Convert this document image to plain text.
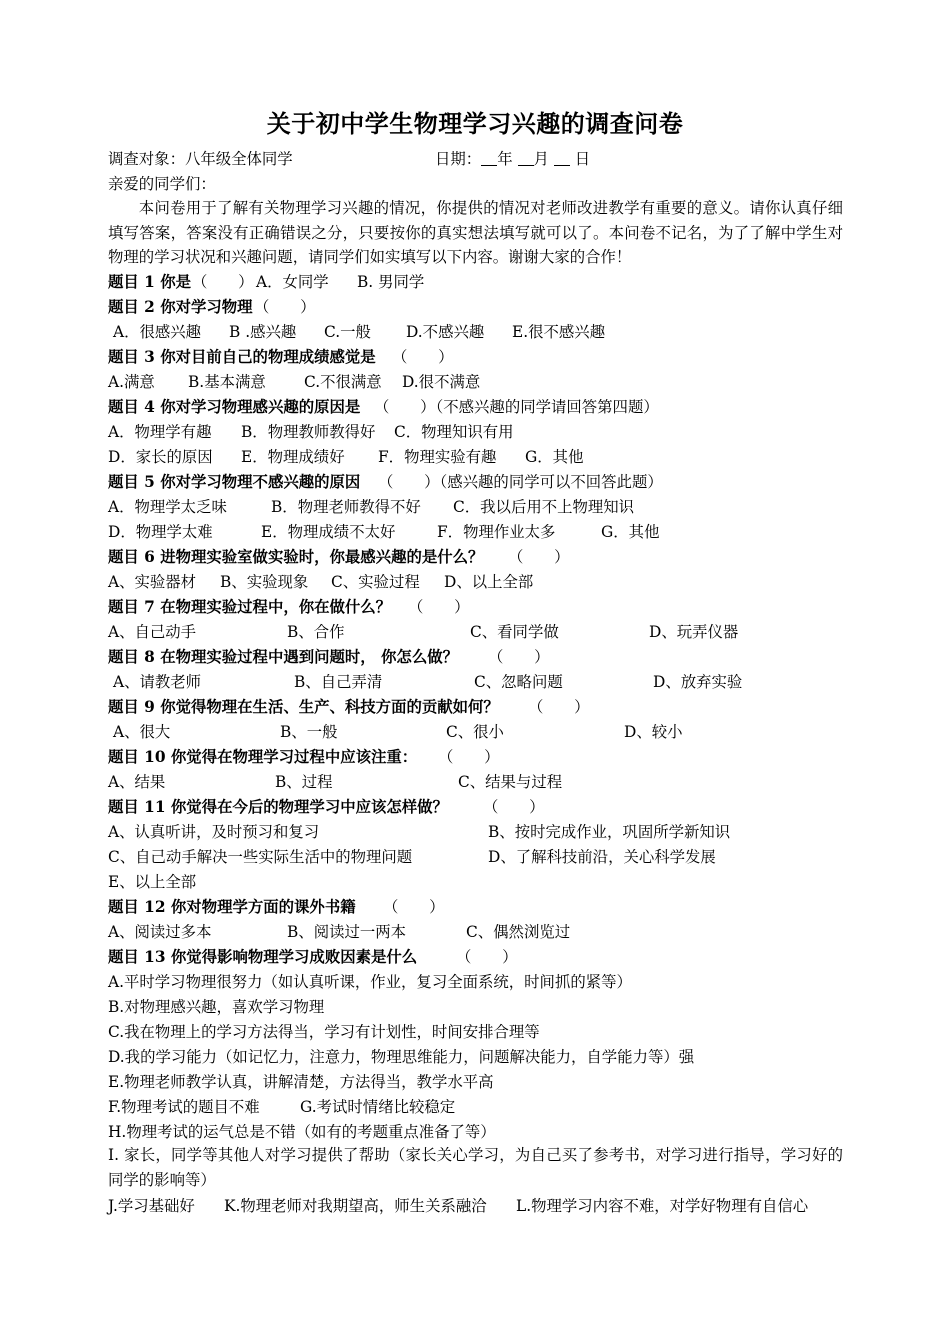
关于初中学生物理学习兴趣的调查问卷
调查对象：八年级全体同学	日期： 年 月 日
亲爱的同学们：
本问卷用于了解有关物理学习兴趣的情况，你提供的情况对老师改进教学有重要的意义。请你认真仔细填写答案，答案没有正确错误之分，只要按你的真实想法填写就可以了。本问卷不记名，为了了解中学生对物理的学习状况和兴趣问题，请同学们如实填写以下内容。谢谢大家的合作！
题目 1 你是 （　　） A．女同学 B. 男同学
题目 2 你对学习物理 （　　）
A．很感兴趣 B .感兴趣 C.一般 D.不感兴趣 E.很不感兴趣
题目 3 你对目前自己的物理成绩感觉是 （　　）
A.满意 B.基本满意 C.不很满意 D.很不满意
题目 4 你对学习物理感兴趣的原因是 （　　）（不感兴趣的同学请回答第四题）
A．物理学有趣 B．物理教师教得好 C．物理知识有用
D．家长的原因 E．物理成绩好 F．物理实验有趣 G．其他
题目 5 你对学习物理不感兴趣的原因 （　　）（感兴趣的同学可以不回答此题）
A．物理学太乏味	B．物理老师教得不好 C．我以后用不上物理知识
D．物理学太难	E．物理成绩不太好	F．物理作业太多	G．其他
题目 6 进物理实验室做实验时，你最感兴趣的是什么？ （　　）
A、实验器材 B、实验现象 C、实验过程 D、以上全部
题目 7 在物理实验过程中，你在做什么？ （　　）
A、自己动手	B、合作	C、看同学做	D、玩弄仪器
题目 8 在物理实验过程中遇到问题时， 你怎么做？ （　　）
A、请教老师	B、自己弄清	C、忽略问题	D、放弃实验
题目 9 你觉得物理在生活、生产、科技方面的贡献如何？ （　　）
A、很大	B、一般	C、很小	D、较小
题目 10 你觉得在物理学习过程中应该注重： （　　）
A、结果	B、过程	C、结果与过程
题目 11 你觉得在今后的物理学习中应该怎样做？ （　　）
A、认真听讲，及时预习和复习	B、按时完成作业，巩固所学新知识
C、自己动手解决一些实际生活中的物理问题	D、了解科技前沿，关心科学发展
E、以上全部
题目 12 你对物理学方面的课外书籍 （　　）
A、阅读过多本	B、阅读过一两本	C、偶然浏览过
题目 13 你觉得影响物理学习成败因素是什么	（　　）
A.平时学习物理很努力（如认真听课，作业，复习全面系统，时间抓的紧等）
B.对物理感兴趣，喜欢学习物理
C.我在物理上的学习方法得当，学习有计划性，时间安排合理等
D.我的学习能力（如记忆力，注意力，物理思维能力，问题解决能力，自学能力等）强
E.物理老师教学认真，讲解清楚，方法得当，教学水平高
F.物理考试的题目不难	G.考试时情绪比较稳定
H.物理考试的运气总是不错（如有的考题重点准备了等）
I. 家长，同学等其他人对学习提供了帮助（家长关心学习，为自己买了参考书，对学习进行指导，学习好的同学的影响等）
J.学习基础好 K.物理老师对我期望高，师生关系融洽 L.物理学习内容不难，对学好物理有自信心
